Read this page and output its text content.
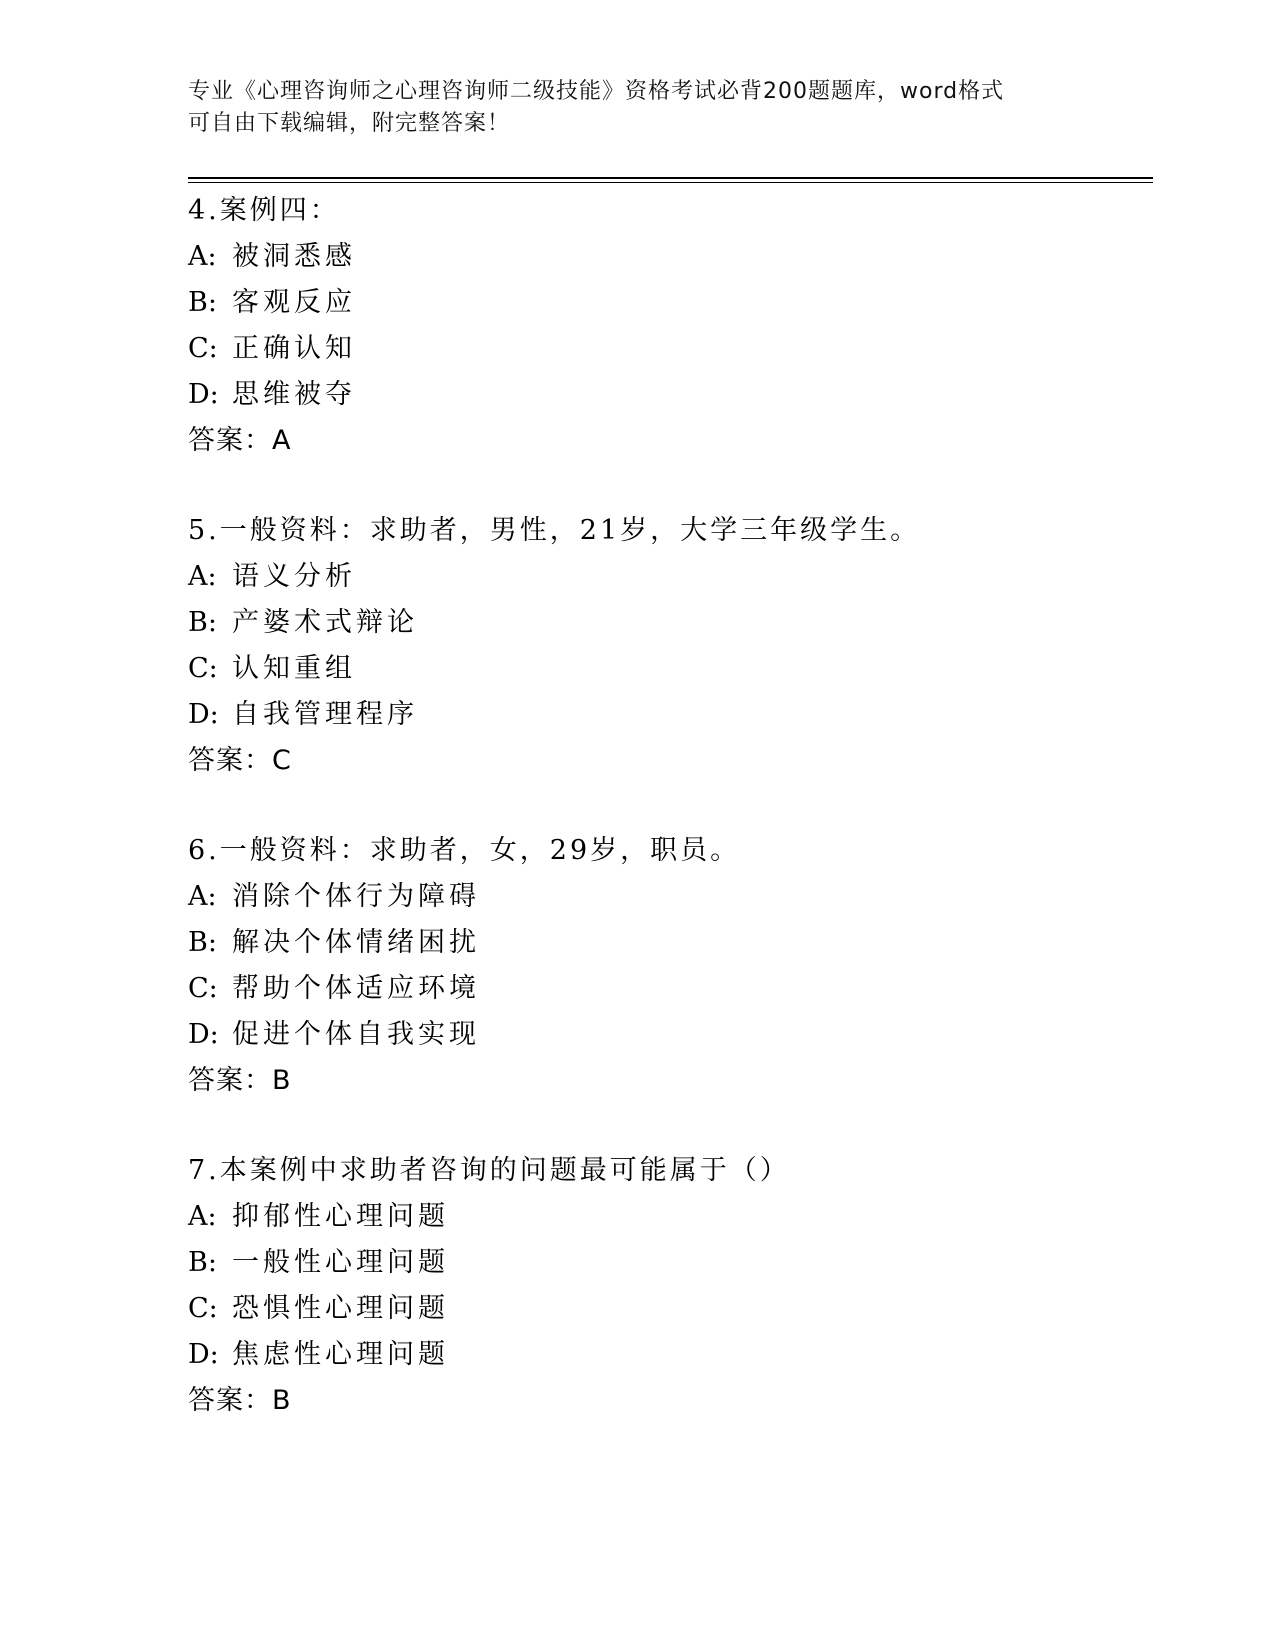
专业《心理咨询师之心理咨询师二级技能》资格考试必背200题题库，word格式
可自由下载编辑，附完整答案！
4.案例四：
A: 被洞悉感
B: 客观反应
C: 正确认知
D: 思维被夺
答案：A
5.一般资料：求助者，男性，21岁，大学三年级学生。
A: 语义分析
B: 产婆术式辩论
C: 认知重组
D: 自我管理程序
答案：C
6.一般资料：求助者，女，29岁，职员。
A: 消除个体行为障碍
B: 解决个体情绪困扰
C: 帮助个体适应环境
D: 促进个体自我实现
答案：B
7.本案例中求助者咨询的问题最可能属于（）
A: 抑郁性心理问题
B: 一般性心理问题
C: 恐惧性心理问题
D: 焦虑性心理问题
答案：B
